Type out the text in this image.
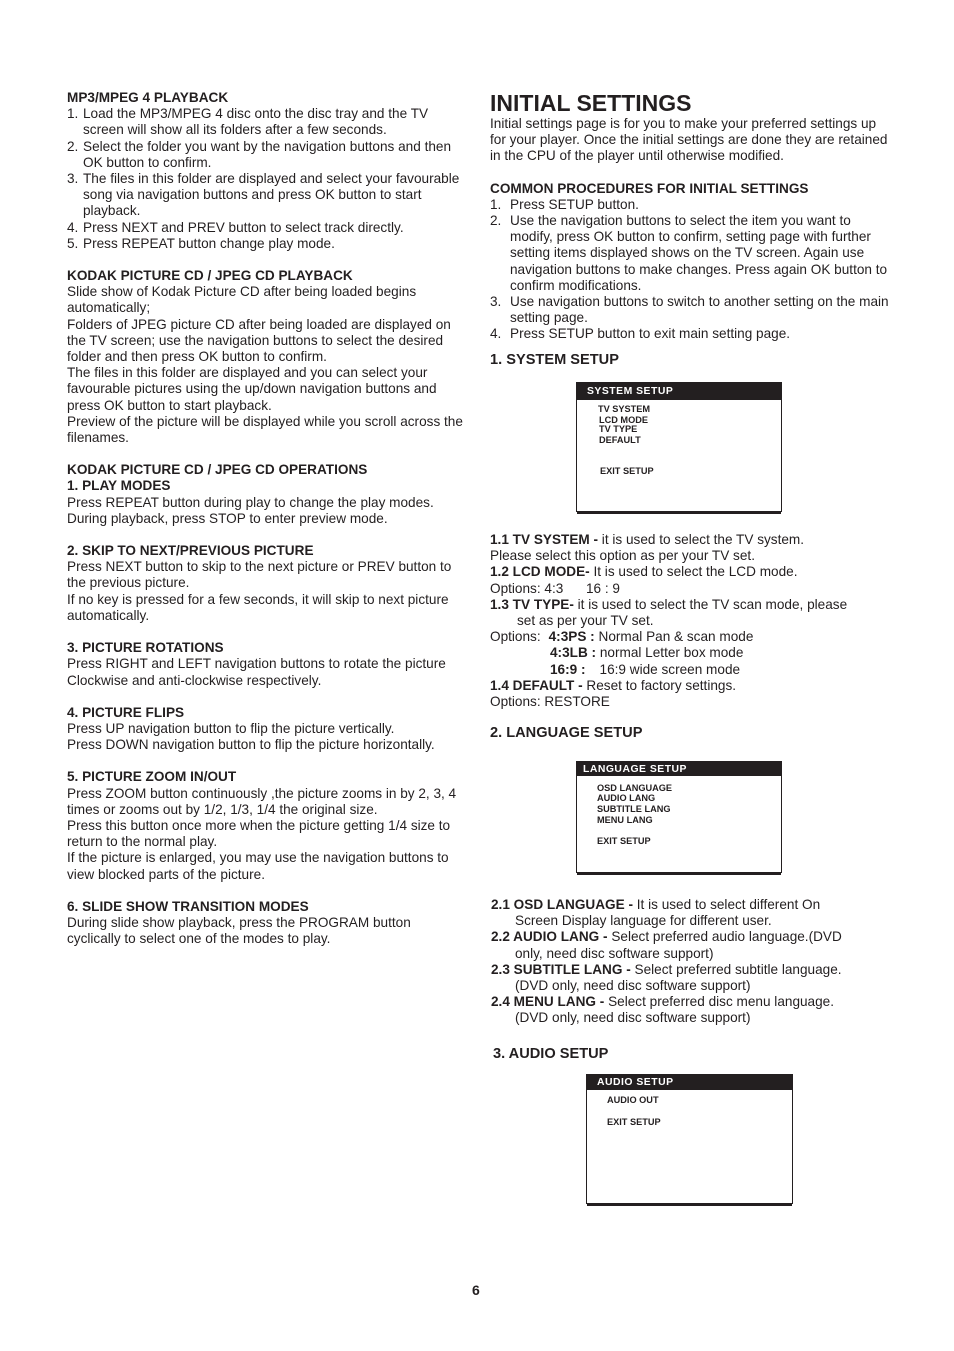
MP3/MPEG 4 PLAYBACK

1. Load the MP3/MPEG 4 disc onto the disc tray and the TV screen will show all its folders after a few seconds.
2. Select the folder you want by the navigation buttons and then OK button to confirm.
3. The files in this folder are displayed and select your favourable song via navigation buttons and press OK button to start playback.
4. Press NEXT and PREV button to select track directly.
5. Press REPEAT button change play mode.

KODAK PICTURE CD / JPEG CD PLAYBACK

Slide show of Kodak Picture CD after being loaded begins automatically;

Folders of JPEG picture CD after being loaded are displayed on the TV screen; use the navigation buttons to select the desired folder and then press OK button to confirm.

The files in this folder are displayed and you can select your favourable pictures using the up/down navigation buttons and press OK button to start playback.

Preview of the picture will be displayed while you scroll across the filenames.

KODAK PICTURE CD / JPEG CD OPERATIONS

1. PLAY MODES

Press REPEAT button during play to change the play modes.

During playback, press STOP to enter preview mode.

2. SKIP TO NEXT/PREVIOUS PICTURE

Press NEXT button to skip to the next picture or PREV button to the previous picture.

If no key is pressed for a few seconds, it will skip to next picture automatically.

3. PICTURE ROTATIONS

Press RIGHT and LEFT navigation buttons to rotate the picture Clockwise and anti-clockwise respectively.

4. PICTURE FLIPS

Press UP navigation button to flip the picture vertically.

Press DOWN navigation button to flip the picture horizontally.

5. PICTURE ZOOM IN/OUT

Press ZOOM button continuously ,the picture zooms in by 2, 3, 4 times or zooms out by 1/2, 1/3, 1/4 the original size.

Press this button once more when the picture getting 1/4 size to return to the normal play.

If the picture is enlarged, you may use the navigation buttons to view blocked parts of the picture.

6. SLIDE SHOW TRANSITION MODES

During slide show playback, press the PROGRAM button cyclically to select one of the modes to play.

INITIAL SETTINGS

Initial settings page is for you to make your preferred settings up for your player. Once the initial settings are done they are retained in the CPU of the player until otherwise modified.

COMMON PROCEDURES FOR INITIAL SETTINGS

1. Press SETUP button.
2. Use the navigation buttons to select the item you want to modify, press OK button to confirm, setting page with further setting items displayed shows on the TV screen. Again use navigation buttons to make changes. Press again OK button to confirm modifications.
3. Use navigation buttons to switch to another setting on the main setting page.
4. Press SETUP button to exit main setting page.

1. SYSTEM SETUP

SYSTEM SETUP
TV SYSTEM
LCD MODE
TV TYPE
DEFAULT
EXIT SETUP

1.1 TV SYSTEM - it is used to select the TV system.

Please select this option as per your TV set.

1.2 LCD MODE- It is used to select the LCD mode.

Options: 4:3      16 : 9

1.3 TV TYPE- it is used to select the TV scan mode, please

set as per your TV set.

Options: 4:3PS : Normal Pan & scan mode

4:3LB : normal Letter box mode

16:9 : 16:9 wide screen mode

1.4 DEFAULT - Reset to factory settings.

Options: RESTORE

2. LANGUAGE SETUP

LANGUAGE SETUP
OSD LANGUAGE
AUDIO LANG
SUBTITLE LANG
MENU LANG
EXIT SETUP

2.1 OSD LANGUAGE - It is used to select different On

Screen Display language for different user.

2.2 AUDIO LANG - Select preferred audio language.(DVD

only, need disc software support)

2.3 SUBTITLE LANG - Select preferred subtitle language.

(DVD only, need disc software support)

2.4 MENU LANG - Select preferred disc menu language.

(DVD only, need disc software support)

3. AUDIO SETUP

AUDIO SETUP
AUDIO OUT
EXIT SETUP
6
